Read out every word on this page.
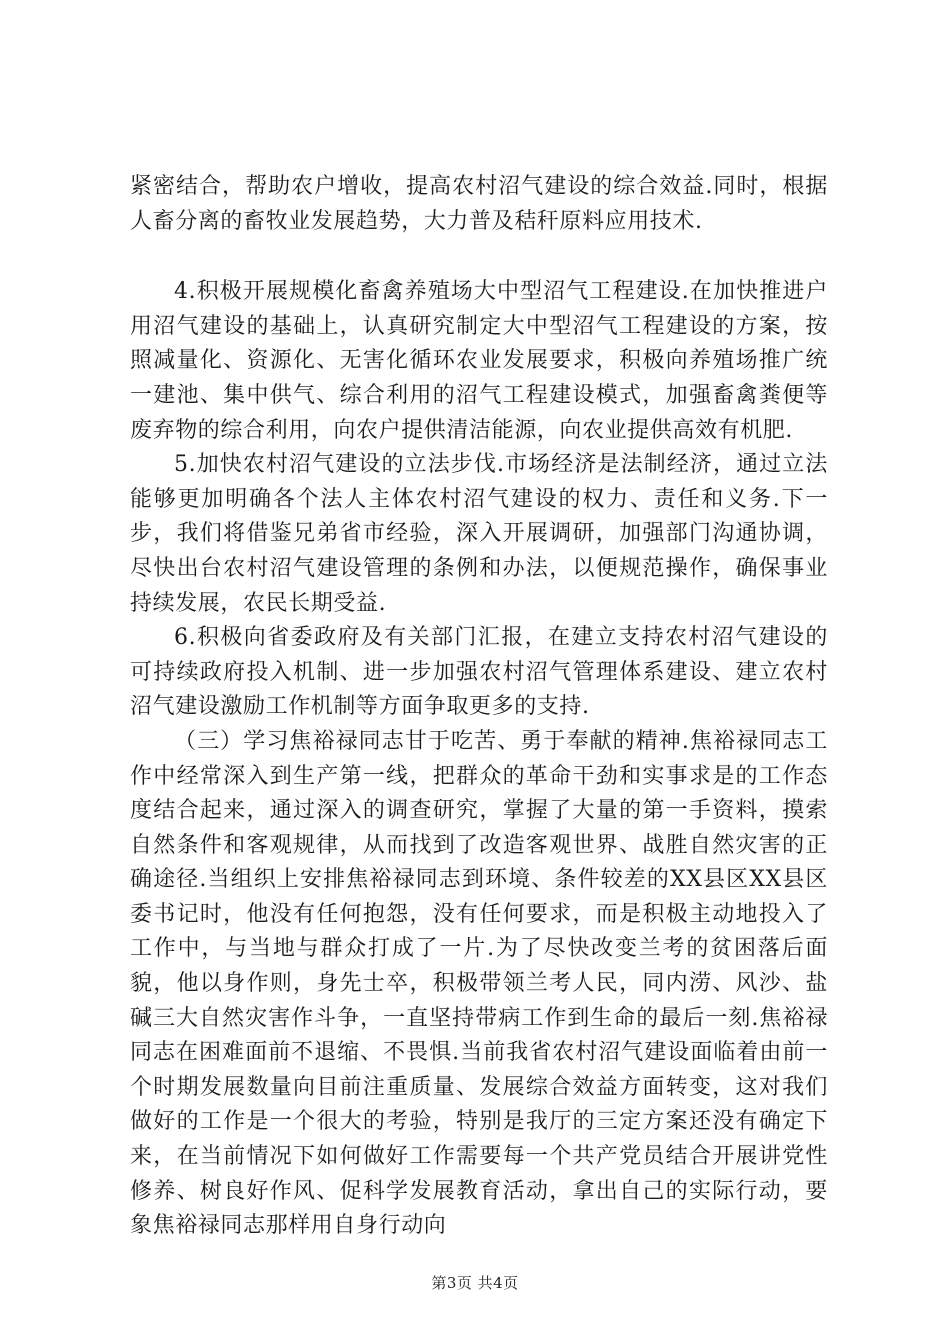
紧密结合，帮助农户增收，提高农村沼气建设的综合效益.同时，根据人畜分离的畜牧业发展趋势，大力普及秸秆原料应用技术.

4.积极开展规模化畜禽养殖场大中型沼气工程建设.在加快推进户用沼气建设的基础上，认真研究制定大中型沼气工程建设的方案，按照减量化、资源化、无害化循环农业发展要求，积极向养殖场推广统一建池、集中供气、综合利用的沼气工程建设模式，加强畜禽粪便等废弃物的综合利用，向农户提供清洁能源，向农业提供高效有机肥.

5.加快农村沼气建设的立法步伐.市场经济是法制经济，通过立法能够更加明确各个法人主体农村沼气建设的权力、责任和义务.下一步，我们将借鉴兄弟省市经验，深入开展调研，加强部门沟通协调，尽快出台农村沼气建设管理的条例和办法，以便规范操作，确保事业持续发展，农民长期受益.

6.积极向省委政府及有关部门汇报，在建立支持农村沼气建设的可持续政府投入机制、进一步加强农村沼气管理体系建设、建立农村沼气建设激励工作机制等方面争取更多的支持.

（三）学习焦裕禄同志甘于吃苦、勇于奉献的精神.焦裕禄同志工作中经常深入到生产第一线，把群众的革命干劲和实事求是的工作态度结合起来，通过深入的调查研究，掌握了大量的第一手资料，摸索自然条件和客观规律，从而找到了改造客观世界、战胜自然灾害的正确途径.当组织上安排焦裕禄同志到环境、条件较差的XX县区XX县区委书记时，他没有任何抱怨，没有任何要求，而是积极主动地投入了工作中，与当地与群众打成了一片.为了尽快改变兰考的贫困落后面貌，他以身作则，身先士卒，积极带领兰考人民，同内涝、风沙、盐碱三大自然灾害作斗争，一直坚持带病工作到生命的最后一刻.焦裕禄同志在困难面前不退缩、不畏惧.当前我省农村沼气建设面临着由前一个时期发展数量向目前注重质量、发展综合效益方面转变，这对我们做好的工作是一个很大的考验，特别是我厅的三定方案还没有确定下来，在当前情况下如何做好工作需要每一个共产党员结合开展讲党性修养、树良好作风、促科学发展教育活动，拿出自己的实际行动，要象焦裕禄同志那样用自身行动向

第3页 共4页
